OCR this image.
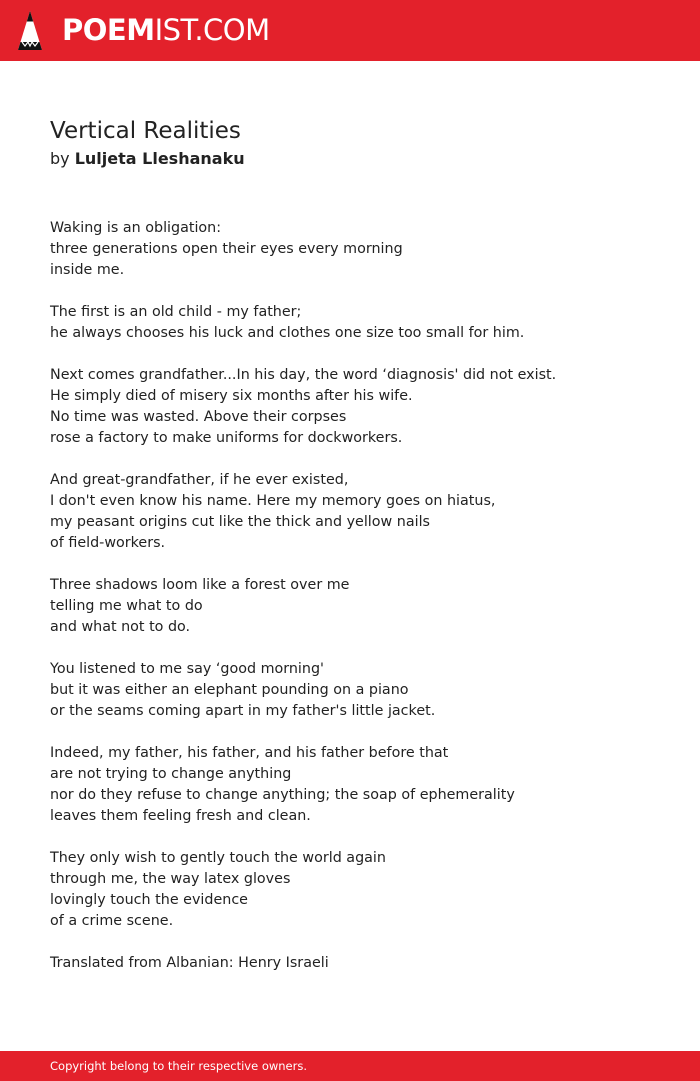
POEMIST.COM
Vertical Realities
by Luljeta Lleshanaku
Waking is an obligation:
three generations open their eyes every morning
inside me.
The first is an old child - my father;
he always chooses his luck and clothes one size too small for him.
Next comes grandfather...In his day, the word ‘diagnosis' did not exist.
He simply died of misery six months after his wife.
No time was wasted. Above their corpses
rose a factory to make uniforms for dockworkers.
And great-grandfather, if he ever existed,
I don't even know his name. Here my memory goes on hiatus,
my peasant origins cut like the thick and yellow nails
of field-workers.
Three shadows loom like a forest over me
telling me what to do
and what not to do.
You listened to me say ‘good morning'
but it was either an elephant pounding on a piano
or the seams coming apart in my father's little jacket.
Indeed, my father, his father, and his father before that
are not trying to change anything
nor do they refuse to change anything; the soap of ephemerality
leaves them feeling fresh and clean.
They only wish to gently touch the world again
through me, the way latex gloves
lovingly touch the evidence
of a crime scene.
Translated from Albanian: Henry Israeli
Copyright belong to their respective owners.
